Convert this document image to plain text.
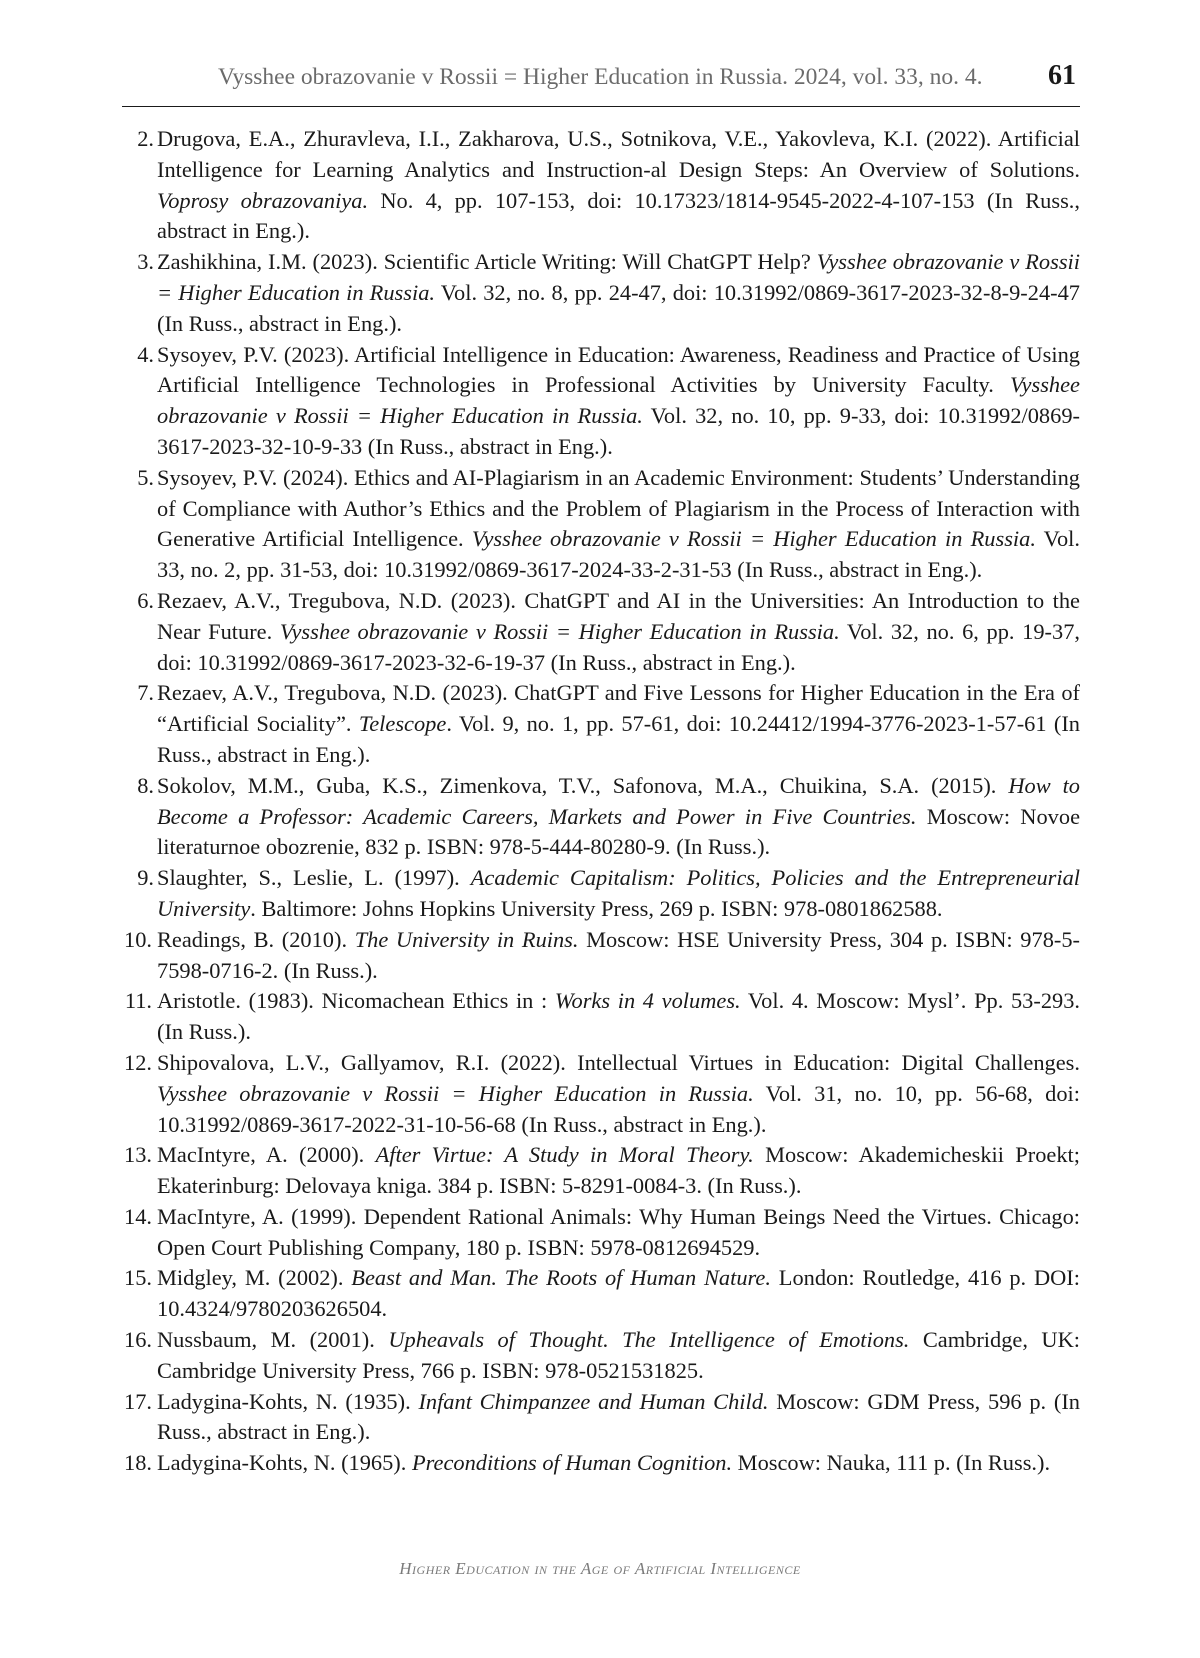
Vysshee obrazovanie v Rossii = Higher Education in Russia. 2024, vol. 33, no. 4. 61
2. Drugova, E.A., Zhuravleva, I.I., Zakharova, U.S., Sotnikova, V.E., Yakovleva, K.I. (2022). Artificial Intelligence for Learning Analytics and Instruction-al Design Steps: An Overview of Solutions. Voprosy obrazovaniya. No. 4, pp. 107-153, doi: 10.17323/1814-9545-2022-4-107-153 (In Russ., abstract in Eng.).
3. Zashikhina, I.M. (2023). Scientific Article Writing: Will ChatGPT Help? Vysshee obrazovanie v Rossii = Higher Education in Russia. Vol. 32, no. 8, pp. 24-47, doi: 10.31992/0869-3617-2023-32-8-9-24-47 (In Russ., abstract in Eng.).
4. Sysoyev, P.V. (2023). Artificial Intelligence in Education: Awareness, Readiness and Practice of Using Artificial Intelligence Technologies in Professional Activities by University Faculty. Vysshee obrazovanie v Rossii = Higher Education in Russia. Vol. 32, no. 10, pp. 9-33, doi: 10.31992/0869-3617-2023-32-10-9-33 (In Russ., abstract in Eng.).
5. Sysoyev, P.V. (2024). Ethics and AI-Plagiarism in an Academic Environment: Students’ Understanding of Compliance with Author’s Ethics and the Problem of Plagiarism in the Process of Interaction with Generative Artificial Intelligence. Vysshee obrazovanie v Rossii = Higher Education in Russia. Vol. 33, no. 2, pp. 31-53, doi: 10.31992/0869-3617-2024-33-2-31-53 (In Russ., abstract in Eng.).
6. Rezaev, A.V., Tregubova, N.D. (2023). ChatGPT and AI in the Universities: An Introduction to the Near Future. Vysshee obrazovanie v Rossii = Higher Education in Russia. Vol. 32, no. 6, pp. 19-37, doi: 10.31992/0869-3617-2023-32-6-19-37 (In Russ., abstract in Eng.).
7. Rezaev, A.V., Tregubova, N.D. (2023). ChatGPT and Five Lessons for Higher Education in the Era of “Artificial Sociality”. Telescope. Vol. 9, no. 1, pp. 57-61, doi: 10.24412/1994-3776-2023-1-57-61 (In Russ., abstract in Eng.).
8. Sokolov, M.M., Guba, K.S., Zimenkova, T.V., Safonova, M.A., Chuikina, S.A. (2015). How to Become a Professor: Academic Careers, Markets and Power in Five Countries. Moscow: Novoe literaturnoe obozrenie, 832 p. ISBN: 978-5-444-80280-9. (In Russ.).
9. Slaughter, S., Leslie, L. (1997). Academic Capitalism: Politics, Policies and the Entrepreneurial University. Baltimore: Johns Hopkins University Press, 269 p. ISBN: 978-0801862588.
10. Readings, B. (2010). The University in Ruins. Moscow: HSE University Press, 304 p. ISBN: 978-5-7598-0716-2. (In Russ.).
11. Aristotle. (1983). Nicomachean Ethics in : Works in 4 volumes. Vol. 4. Moscow: Mysl’. Pp. 53-293. (In Russ.).
12. Shipovalova, L.V., Gallyamov, R.I. (2022). Intellectual Virtues in Education: Digital Challenges. Vysshee obrazovanie v Rossii = Higher Education in Russia. Vol. 31, no. 10, pp. 56-68, doi: 10.31992/0869-3617-2022-31-10-56-68 (In Russ., abstract in Eng.).
13. MacIntyre, A. (2000). After Virtue: A Study in Moral Theory. Moscow: Akademicheskii Proekt; Ekaterinburg: Delovaya kniga. 384 p. ISBN: 5-8291-0084-3. (In Russ.).
14. MacIntyre, A. (1999). Dependent Rational Animals: Why Human Beings Need the Virtues. Chicago: Open Court Publishing Company, 180 p. ISBN: 5978-0812694529.
15. Midgley, M. (2002). Beast and Man. The Roots of Human Nature. London: Routledge, 416 p. DOI: 10.4324/9780203626504.
16. Nussbaum, M. (2001). Upheavals of Thought. The Intelligence of Emotions. Cambridge, UK: Cambridge University Press, 766 p. ISBN: 978-0521531825.
17. Ladygina-Kohts, N. (1935). Infant Chimpanzee and Human Child. Moscow: GDM Press, 596 p. (In Russ., abstract in Eng.).
18. Ladygina-Kohts, N. (1965). Preconditions of Human Cognition. Moscow: Nauka, 111 p. (In Russ.).
Higher Education in the Age of Artificial Intelligence
